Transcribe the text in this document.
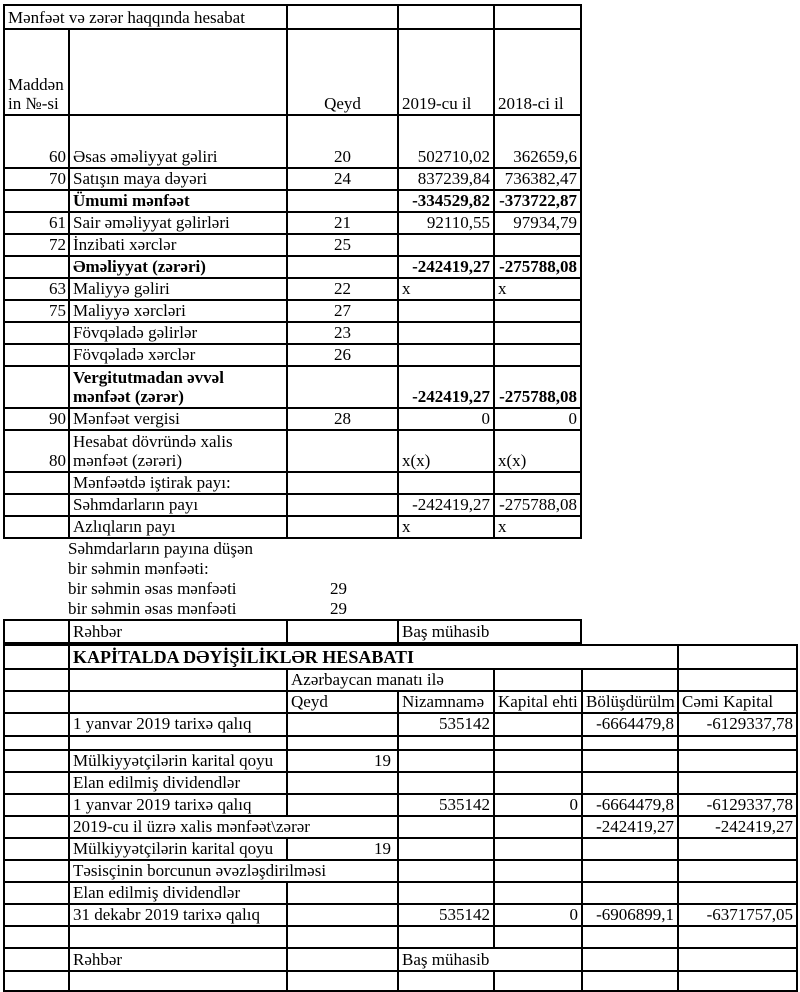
Mənfəət və zərər haqqında hesabat				
Maddənin №-si		Qeyd	2019-cu il	2018-ci il
60	Əsas əməliyyat gəliri	20	502710,02	362659,6
70	Satışın maya dəyəri	24	837239,84	736382,47
	Ümumi mənfəət		-334529,82	-373722,87
61	Sair əməliyyat gəlirləri	21	92110,55	97934,79
72	İnzibati xərclər	25		
	Əməliyyat (zərəri)		-242419,27	-275788,08
63	Maliyyə gəliri	22	x	x
75	Maliyyə xərcləri	27		
	Fövqəladə gəlirlər	23		
	Fövqəladə xərclər	26		
	Vergitutmadan əvvəl mənfəət (zərər)		-242419,27	-275788,08
90	Mənfəət vergisi	28	0	0
80	Hesabat dövründə xalis mənfəət (zərəri)		x(x)	x(x)
	Mənfəətdə iştirak payı:			
	Səhmdarların payı		-242419,27	-275788,08
	Azlıqların payı		x	x
Səhmdarların payına düşən
bir səhmin mənfəəti:
bir səhmin əsas mənfəəti	29
bir səhmin əsas mənfəəti	29
	Rəhbər		Baş mühasib
	KAPİTALDA DƏYİŞİLİKLƏR HESABATI					
		Azərbaycan manatı ilə				
		Qeyd	Nizamnamə	Kapital ehti	Bölüşdürülm	Cəmi Kapital
	1 yanvar 2019 tarixə qalıq		535142		-6664479,8	-6129337,78

	Mülkiyyətçilərin karital qoyu	19				
	Elan edilmiş dividendlər					
	1 yanvar 2019 tarixə qalıq		535142	0	-6664479,8	-6129337,78
	2019-cu il üzrə xalis mənfəət\zərər				-242419,27	-242419,27
	Mülkiyyətçilərin karital qoyu	19				
	Təsisçinin borcunun əvəzləşdirilməsi					
	Elan edilmiş dividendlər					
	31 dekabr 2019 tarixə qalıq		535142	0	-6906899,1	-6371757,05

	Rəhbər		Baş mühasib			
